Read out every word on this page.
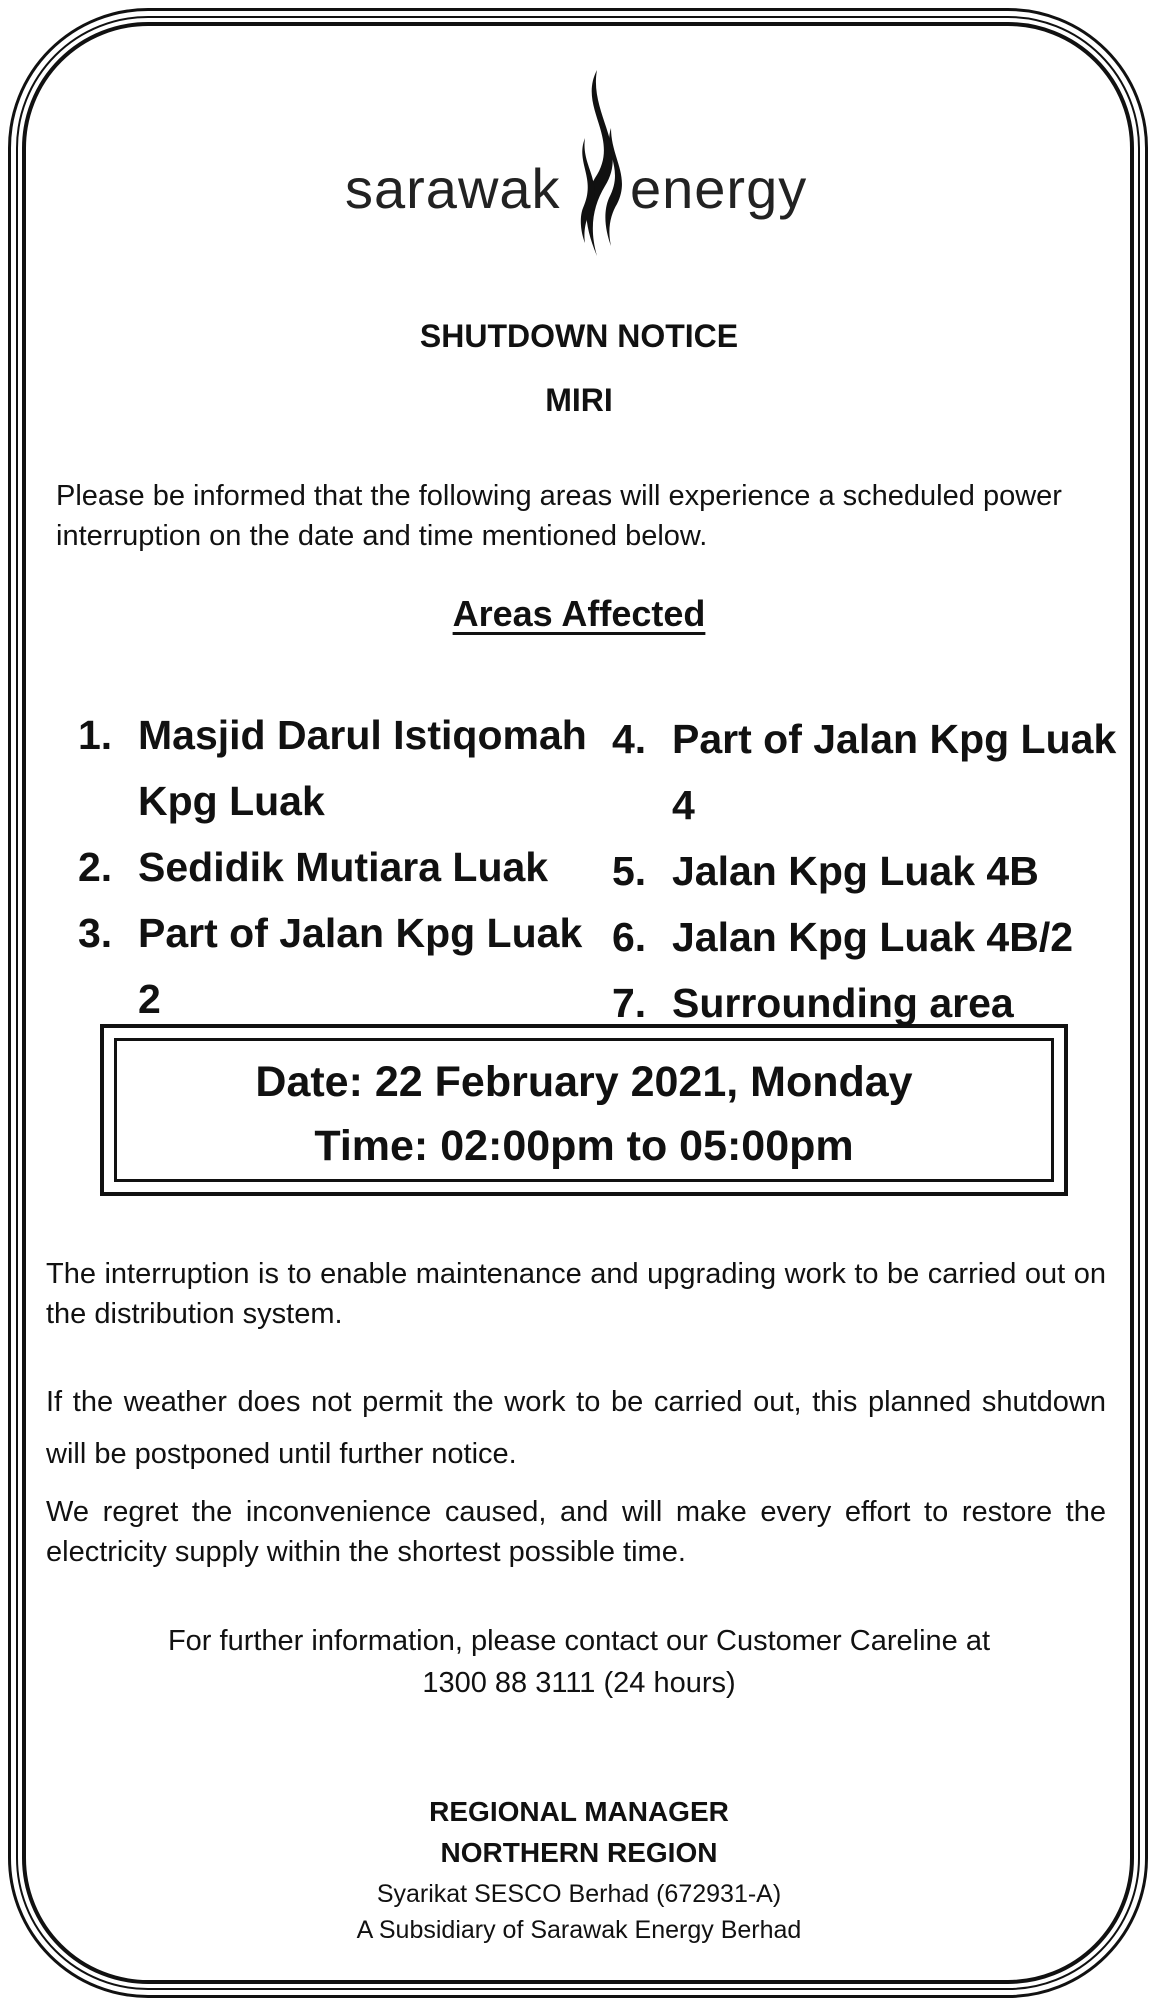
sarawak energy
SHUTDOWN NOTICE
MIRI
Please be informed that the following areas will experience a scheduled power interruption on the date and time mentioned below.
Areas Affected
1. Masjid Darul Istiqomah Kpg Luak
2. Sedidik Mutiara Luak
3. Part of Jalan Kpg Luak 2
4. Part of Jalan Kpg Luak 4
5. Jalan Kpg Luak 4B
6. Jalan Kpg Luak 4B/2
7. Surrounding area
Date: 22 February 2021, Monday
Time: 02:00pm to 05:00pm
The interruption is to enable maintenance and upgrading work to be carried out on the distribution system.
If the weather does not permit the work to be carried out, this planned shutdown will be postponed until further notice.
We regret the inconvenience caused, and will make every effort to restore the electricity supply within the shortest possible time.
For further information, please contact our Customer Careline at
1300 88 3111 (24 hours)
REGIONAL MANAGER
NORTHERN REGION
Syarikat SESCO Berhad (672931-A)
A Subsidiary of Sarawak Energy Berhad
